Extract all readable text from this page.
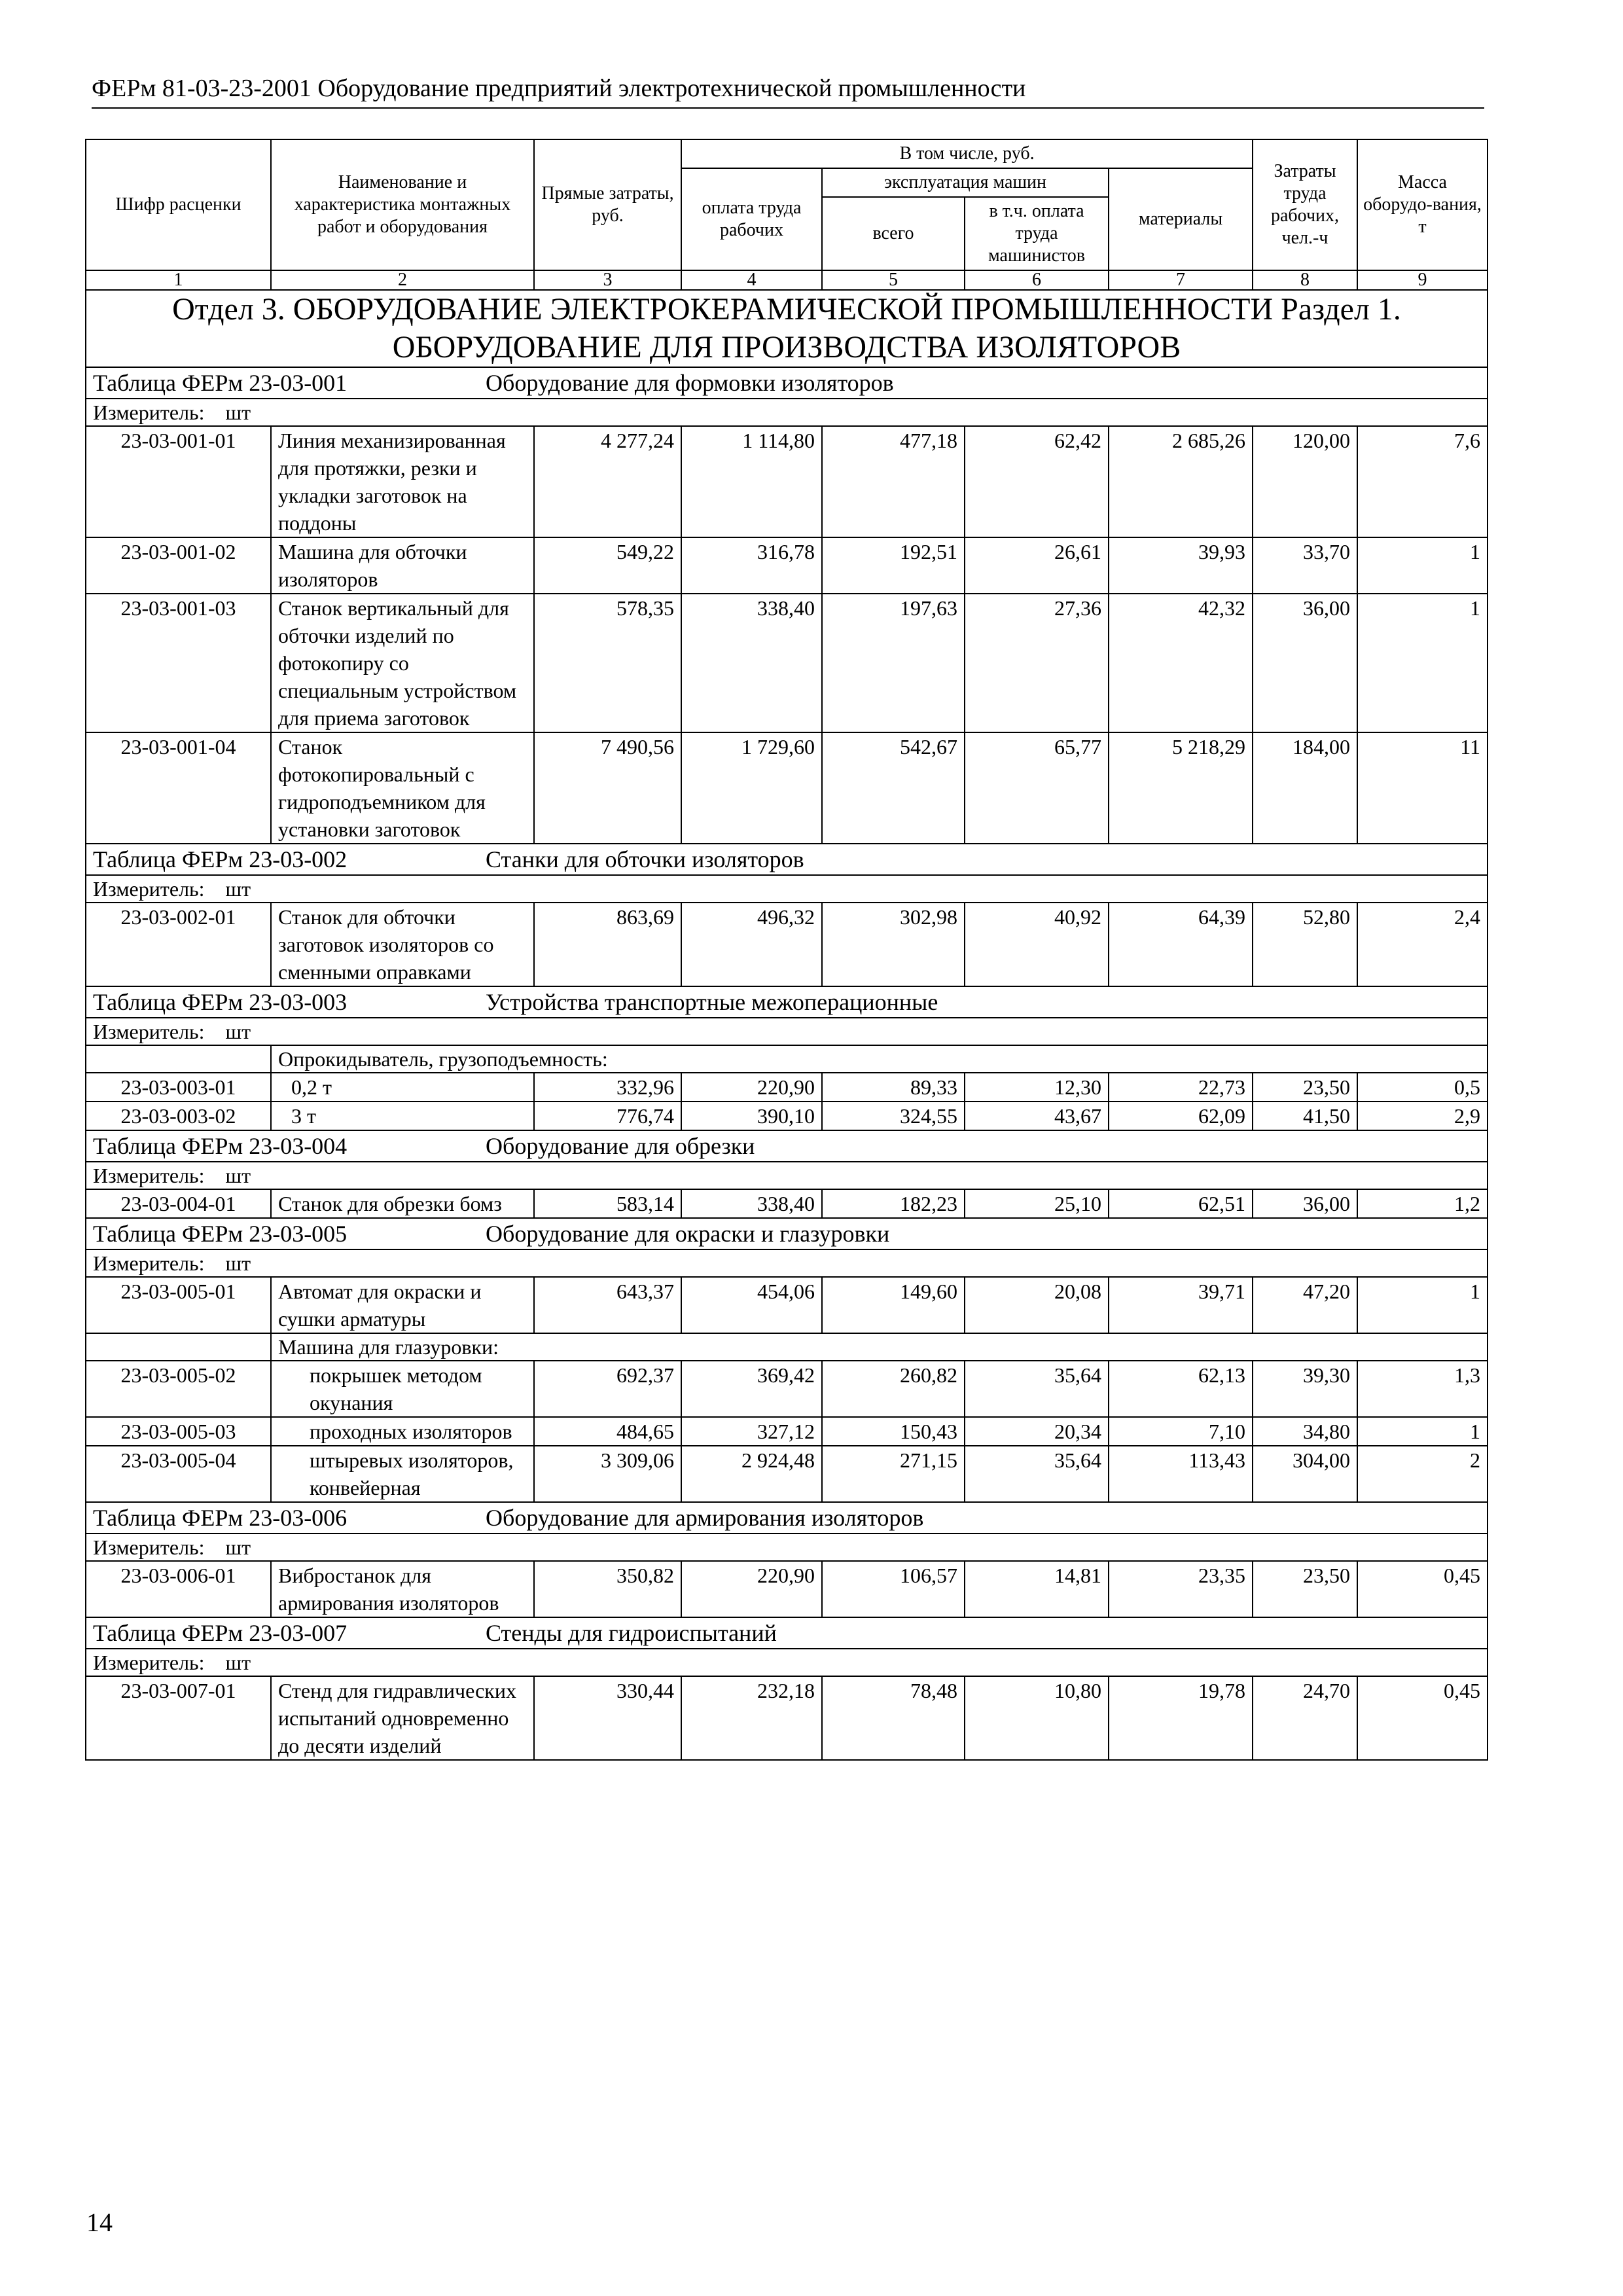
ФЕРм 81-03-23-2001 Оборудование предприятий электротехнической промышленности
Шифр расценки	Наименование и характеристика монтажных работ и оборудования	Прямые затраты, руб.	В том числе, руб.				Затраты труда рабочих, чел.-ч	Масса оборудо-вания, т
			оплата труда рабочих	эксплуатация машин		материалы		
				всего	в т.ч. оплата труда машинистов			
1	2	3	4	5	6	7	8	9
Отдел 3. ОБОРУДОВАНИЕ ЭЛЕКТРОКЕРАМИЧЕСКОЙ ПРОМЫШЛЕННОСТИ Раздел 1. ОБОРУДОВАНИЕ ДЛЯ ПРОИЗВОДСТВА ИЗОЛЯТОРОВ								
Таблица ФЕРм 23-03-001 Оборудование для формовки изоляторов								
Измеритель:    шт								
23-03-001-01	Линия механизированная для протяжки, резки и укладки заготовок на поддоны	4 277,24	1 114,80	477,18	62,42	2 685,26	120,00	7,6
23-03-001-02	Машина для обточки изоляторов	549,22	316,78	192,51	26,61	39,93	33,70	1
23-03-001-03	Станок вертикальный для обточки изделий по фотокопиру со специальным устройством для приема заготовок	578,35	338,40	197,63	27,36	42,32	36,00	1
23-03-001-04	Станок фотокопировальный с гидроподъемником для установки заготовок	7 490,56	1 729,60	542,67	65,77	5 218,29	184,00	11
Таблица ФЕРм 23-03-002 Станки для обточки изоляторов								
Измеритель:    шт								
23-03-002-01	Станок для обточки заготовок изоляторов со сменными оправками	863,69	496,32	302,98	40,92	64,39	52,80	2,4
Таблица ФЕРм 23-03-003 Устройства транспортные межоперационные								
Измеритель:    шт								
	Опрокидыватель, грузоподъемность:							
23-03-003-01	0,2 т	332,96	220,90	89,33	12,30	22,73	23,50	0,5
23-03-003-02	3 т	776,74	390,10	324,55	43,67	62,09	41,50	2,9
Таблица ФЕРм 23-03-004 Оборудование для обрезки								
Измеритель:    шт								
23-03-004-01	Станок для обрезки бомз	583,14	338,40	182,23	25,10	62,51	36,00	1,2
Таблица ФЕРм 23-03-005 Оборудование для окраски и глазуровки								
Измеритель:    шт								
23-03-005-01	Автомат для окраски и сушки арматуры	643,37	454,06	149,60	20,08	39,71	47,20	1
	Машина для глазуровки:							
23-03-005-02	покрышек методом окунания	692,37	369,42	260,82	35,64	62,13	39,30	1,3
23-03-005-03	проходных изоляторов	484,65	327,12	150,43	20,34	7,10	34,80	1
23-03-005-04	штыревых изоляторов, конвейерная	3 309,06	2 924,48	271,15	35,64	113,43	304,00	2
Таблица ФЕРм 23-03-006 Оборудование для армирования изоляторов								
Измеритель:    шт								
23-03-006-01	Вибростанок для армирования изоляторов	350,82	220,90	106,57	14,81	23,35	23,50	0,45
Таблица ФЕРм 23-03-007 Стенды для гидроиспытаний								
Измеритель:    шт								
23-03-007-01	Стенд для гидравлических испытаний одновременно до десяти изделий	330,44	232,18	78,48	10,80	19,78	24,70	0,45
14
